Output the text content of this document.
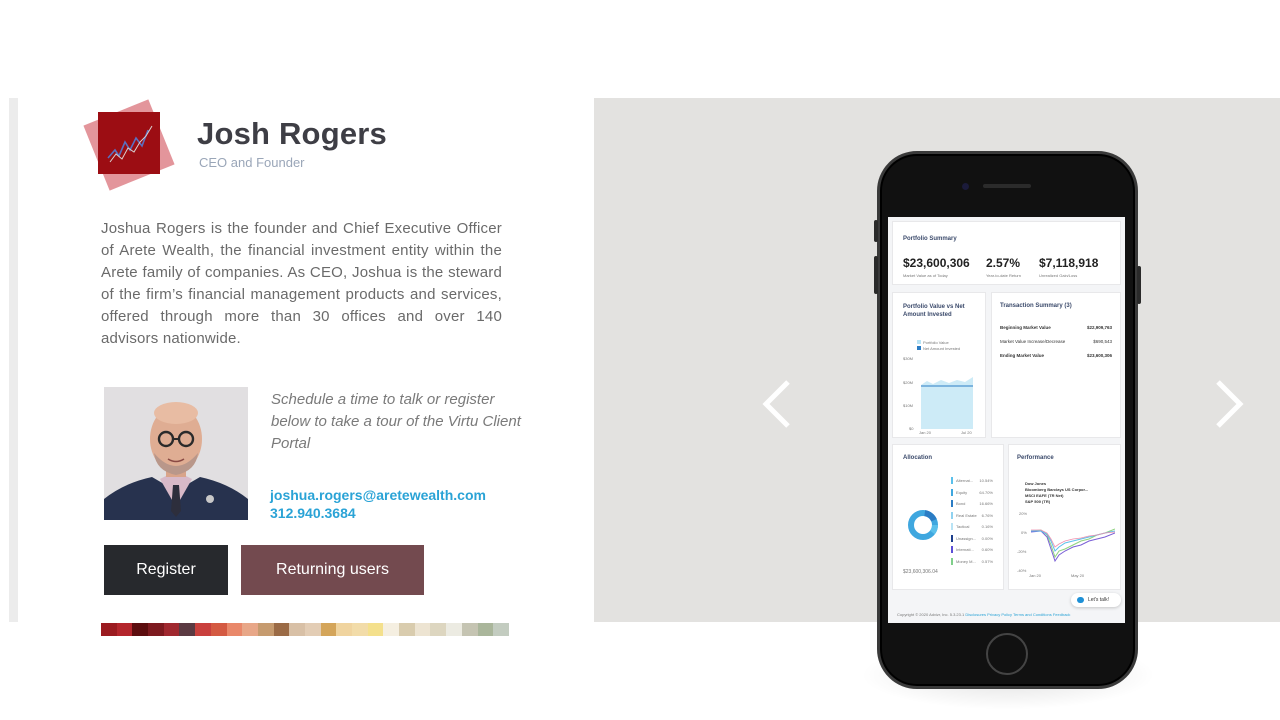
Josh Rogers
CEO and Founder

Joshua Rogers is the founder and Chief Executive Officer of Arete Wealth, the financial investment entity within the Arete family of companies. As CEO, Joshua is the steward of the firm’s financial management products and services, offered through more than 30 offices and over 140 advisors nationwide.

Schedule a time to talk or register below to take a tour of the Virtu Client Portal

joshua.rogers@aretewealth.com
312.940.3684
Register	Returning users
Portfolio Summary
$23,600,306
Market Value as of Today
2.57%
Year-to-date Return
$7,118,918
Unrealized Gain/Loss
Portfolio Value vs Net Amount Invested
Portfolio Value
Net Amount Invested
$30M
$20M
$10M
$0
Jan 20	Jul 20
Transaction Summary (3)
Beginning Market Value	$22,909,763
Market Value Increase/Decrease	$690,543
Ending Market Value	$23,600,306
Allocation
Alternat... 10.54%
Equity	64.70%
Bond	16.66%
Real Estate 6.76%
Tactical	0.16%
Unassign... 0.00%
Internati... 0.60%
Money M... 0.57%
$23,600,306.04
Performance
Dow Jones
Bloomberg Barclays US Corpor...
MSCI EAFE (TR Net)
S&P 500 (TR)
20%
0%
-20%
-40%
Jan 20	May 20
Let's talk!
Copyright © 2020 Advizr, Inc. 5.3.23.1 Disclosures Privacy Policy Terms and Conditions Feedback
